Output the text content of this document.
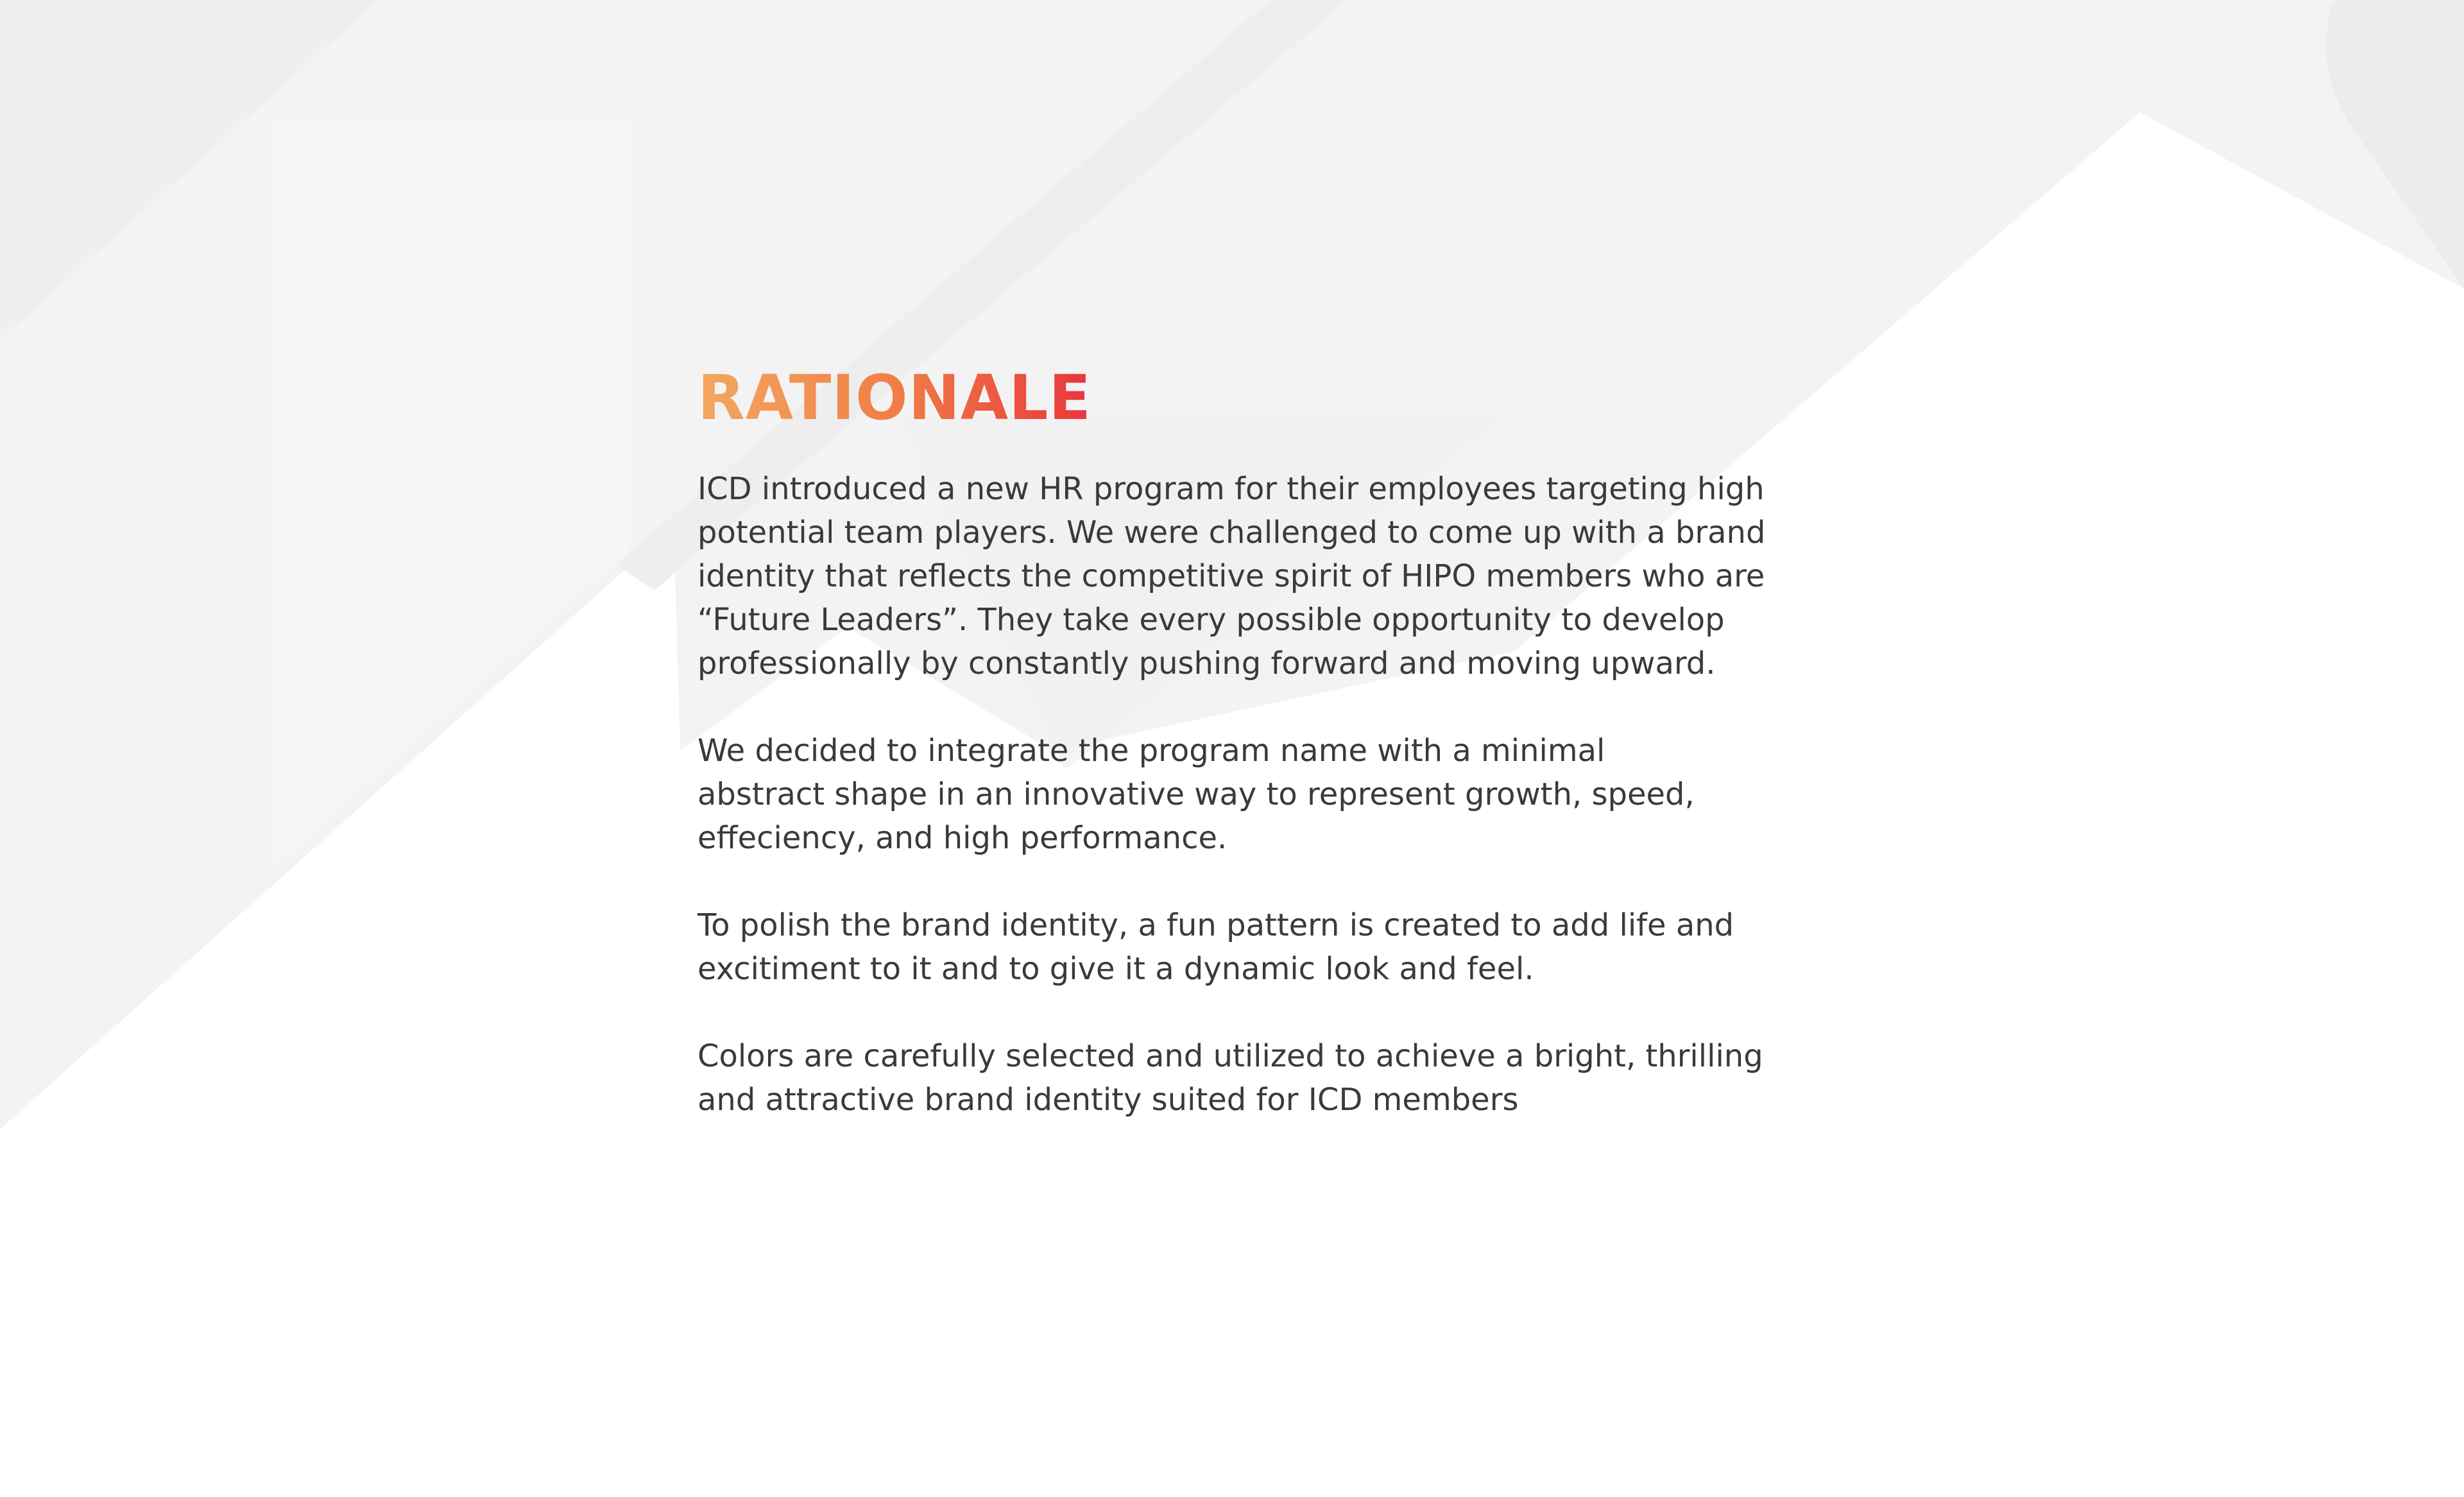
RATIONALE

ICD introduced a new HR program for their employees targeting high
potential team players. We were challenged to come up with a brand
identity that reflects the competitive spirit of HIPO members who are
“Future Leaders”. They take every possible opportunity to develop
professionally by constantly pushing forward and moving upward.

We decided to integrate the program name with a minimal
abstract shape in an innovative way to represent growth, speed,
effeciency, and high performance.

To polish the brand identity, a fun pattern is created to add life and
excitiment to it and to give it a dynamic look and feel.

Colors are carefully selected and utilized to achieve a bright, thrilling
and attractive brand identity suited for ICD members
